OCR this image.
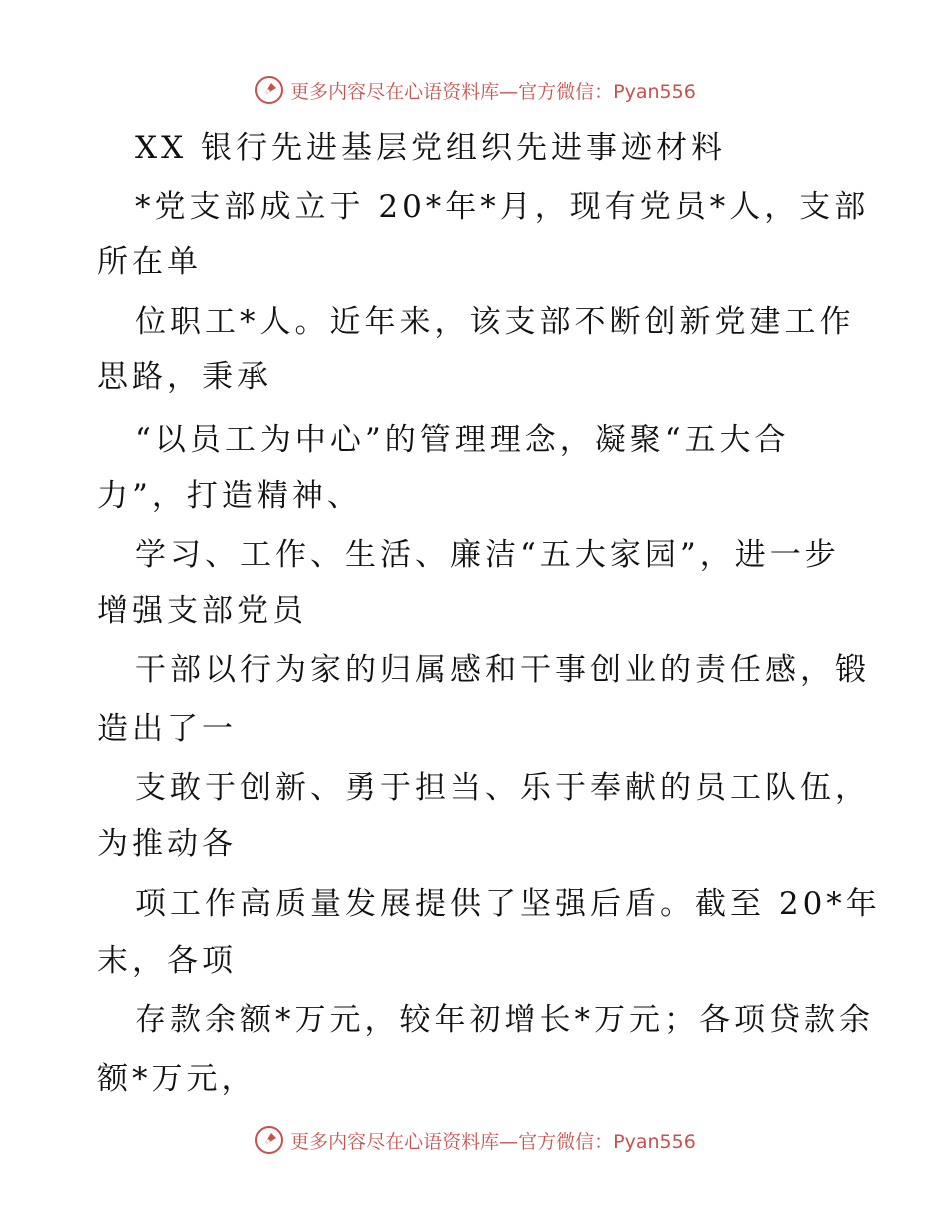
更多内容尽在心语资料库—官方微信：Pyan556
XX 银行先进基层党组织先进事迹材料
*党支部成立于 20*年*月，现有党员*人，支部
所在单
位职工*人。近年来，该支部不断创新党建工作
思路，秉承
“以员工为中心”的管理理念，凝聚“五大合
力”，打造精神、
学习、工作、生活、廉洁“五大家园”，进一步
增强支部党员
干部以行为家的归属感和干事创业的责任感，锻
造出了一
支敢于创新、勇于担当、乐于奉献的员工队伍，
为推动各
项工作高质量发展提供了坚强后盾。截至 20*年
末，各项
存款余额*万元，较年初增长*万元；各项贷款余
额*万元，
更多内容尽在心语资料库—官方微信：Pyan556
